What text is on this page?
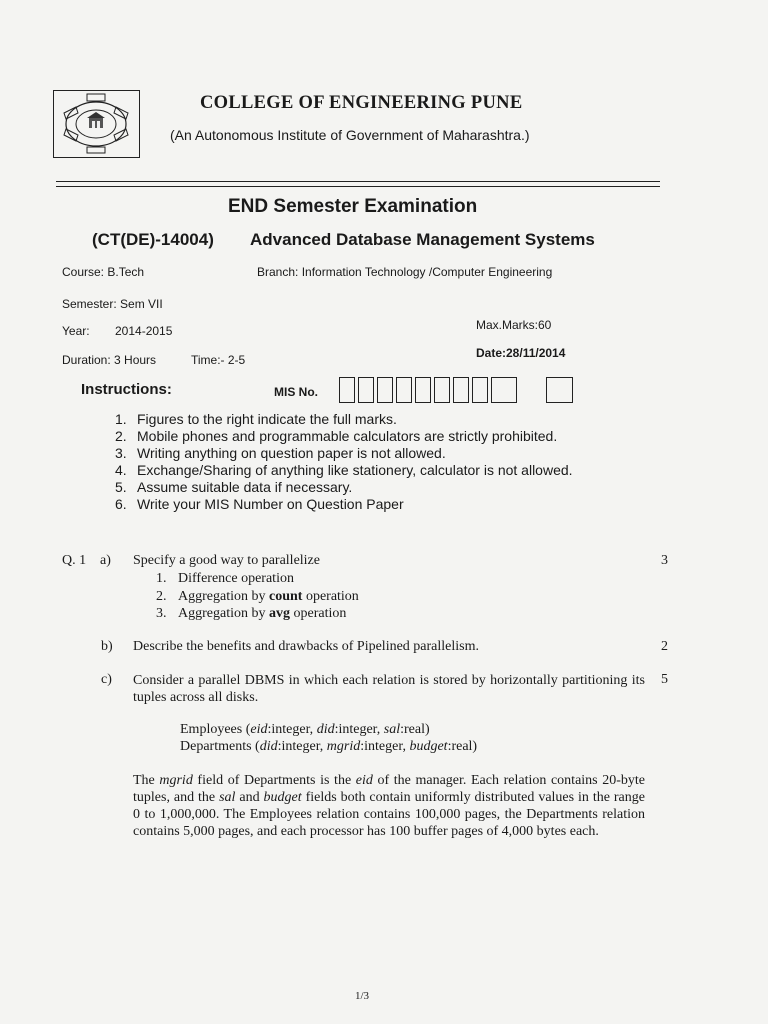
COLLEGE OF ENGINEERING PUNE
(An Autonomous Institute of Government of Maharashtra.)
END Semester Examination
(CT(DE)-14004) Advanced Database Management Systems
Course: B.Tech	Branch: Information Technology /Computer Engineering
Semester: Sem VII
Year: 2014-2015	Max.Marks:60
Date:28/11/2014
Duration: 3 Hours	Time:- 2-5
Instructions:	MIS No.
1. Figures to the right indicate the full marks.
2. Mobile phones and programmable calculators are strictly prohibited.
3. Writing anything on question paper is not allowed.
4. Exchange/Sharing of anything like stationery, calculator is not allowed.
5. Assume suitable data if necessary.
6. Write your MIS Number on Question Paper
Q. 1 a) Specify a good way to parallelize	3
1. Difference operation
2. Aggregation by count operation
3. Aggregation by avg operation
b) Describe the benefits and drawbacks of Pipelined parallelism.	2
c) Consider a parallel DBMS in which each relation is stored by horizontally partitioning its tuples across all disks.
5
Employees (eid:integer, did:integer, sal:real)
Departments (did:integer, mgrid:integer, budget:real)
The mgrid field of Departments is the eid of the manager. Each relation contains 20-byte tuples, and the sal and budget fields both contain uniformly distributed values in the range 0 to 1,000,000. The Employees relation contains 100,000 pages, the Departments relation contains 5,000 pages, and each processor has 100 buffer pages of 4,000 bytes each.
1/3
